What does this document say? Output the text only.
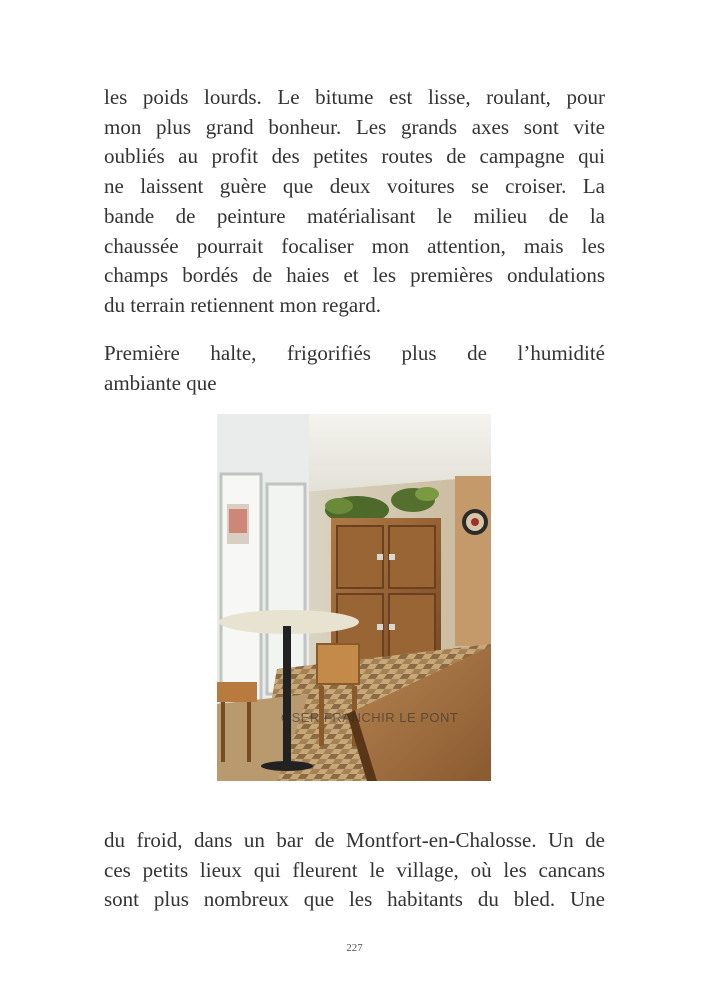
les poids lourds. Le bitume est lisse, roulant, pour
mon plus grand bonheur. Les grands axes sont vite
oubliés au profit des petites routes de campagne qui
ne laissent guère que deux voitures se croiser. La
bande de peinture matérialisant le milieu de la
chaussée pourrait focaliser mon attention, mais les
champs bordés de haies et les premières ondulations
du terrain retiennent mon regard.
Première halte, frigorifiés plus de l’humidité
ambiante que
OSER FRANCHIR LE PONT
du froid, dans un bar de Montfort-en-Chalosse. Un de
ces petits lieux qui fleurent le village, où les cancans
sont plus nombreux que les habitants du bled. Une
227
